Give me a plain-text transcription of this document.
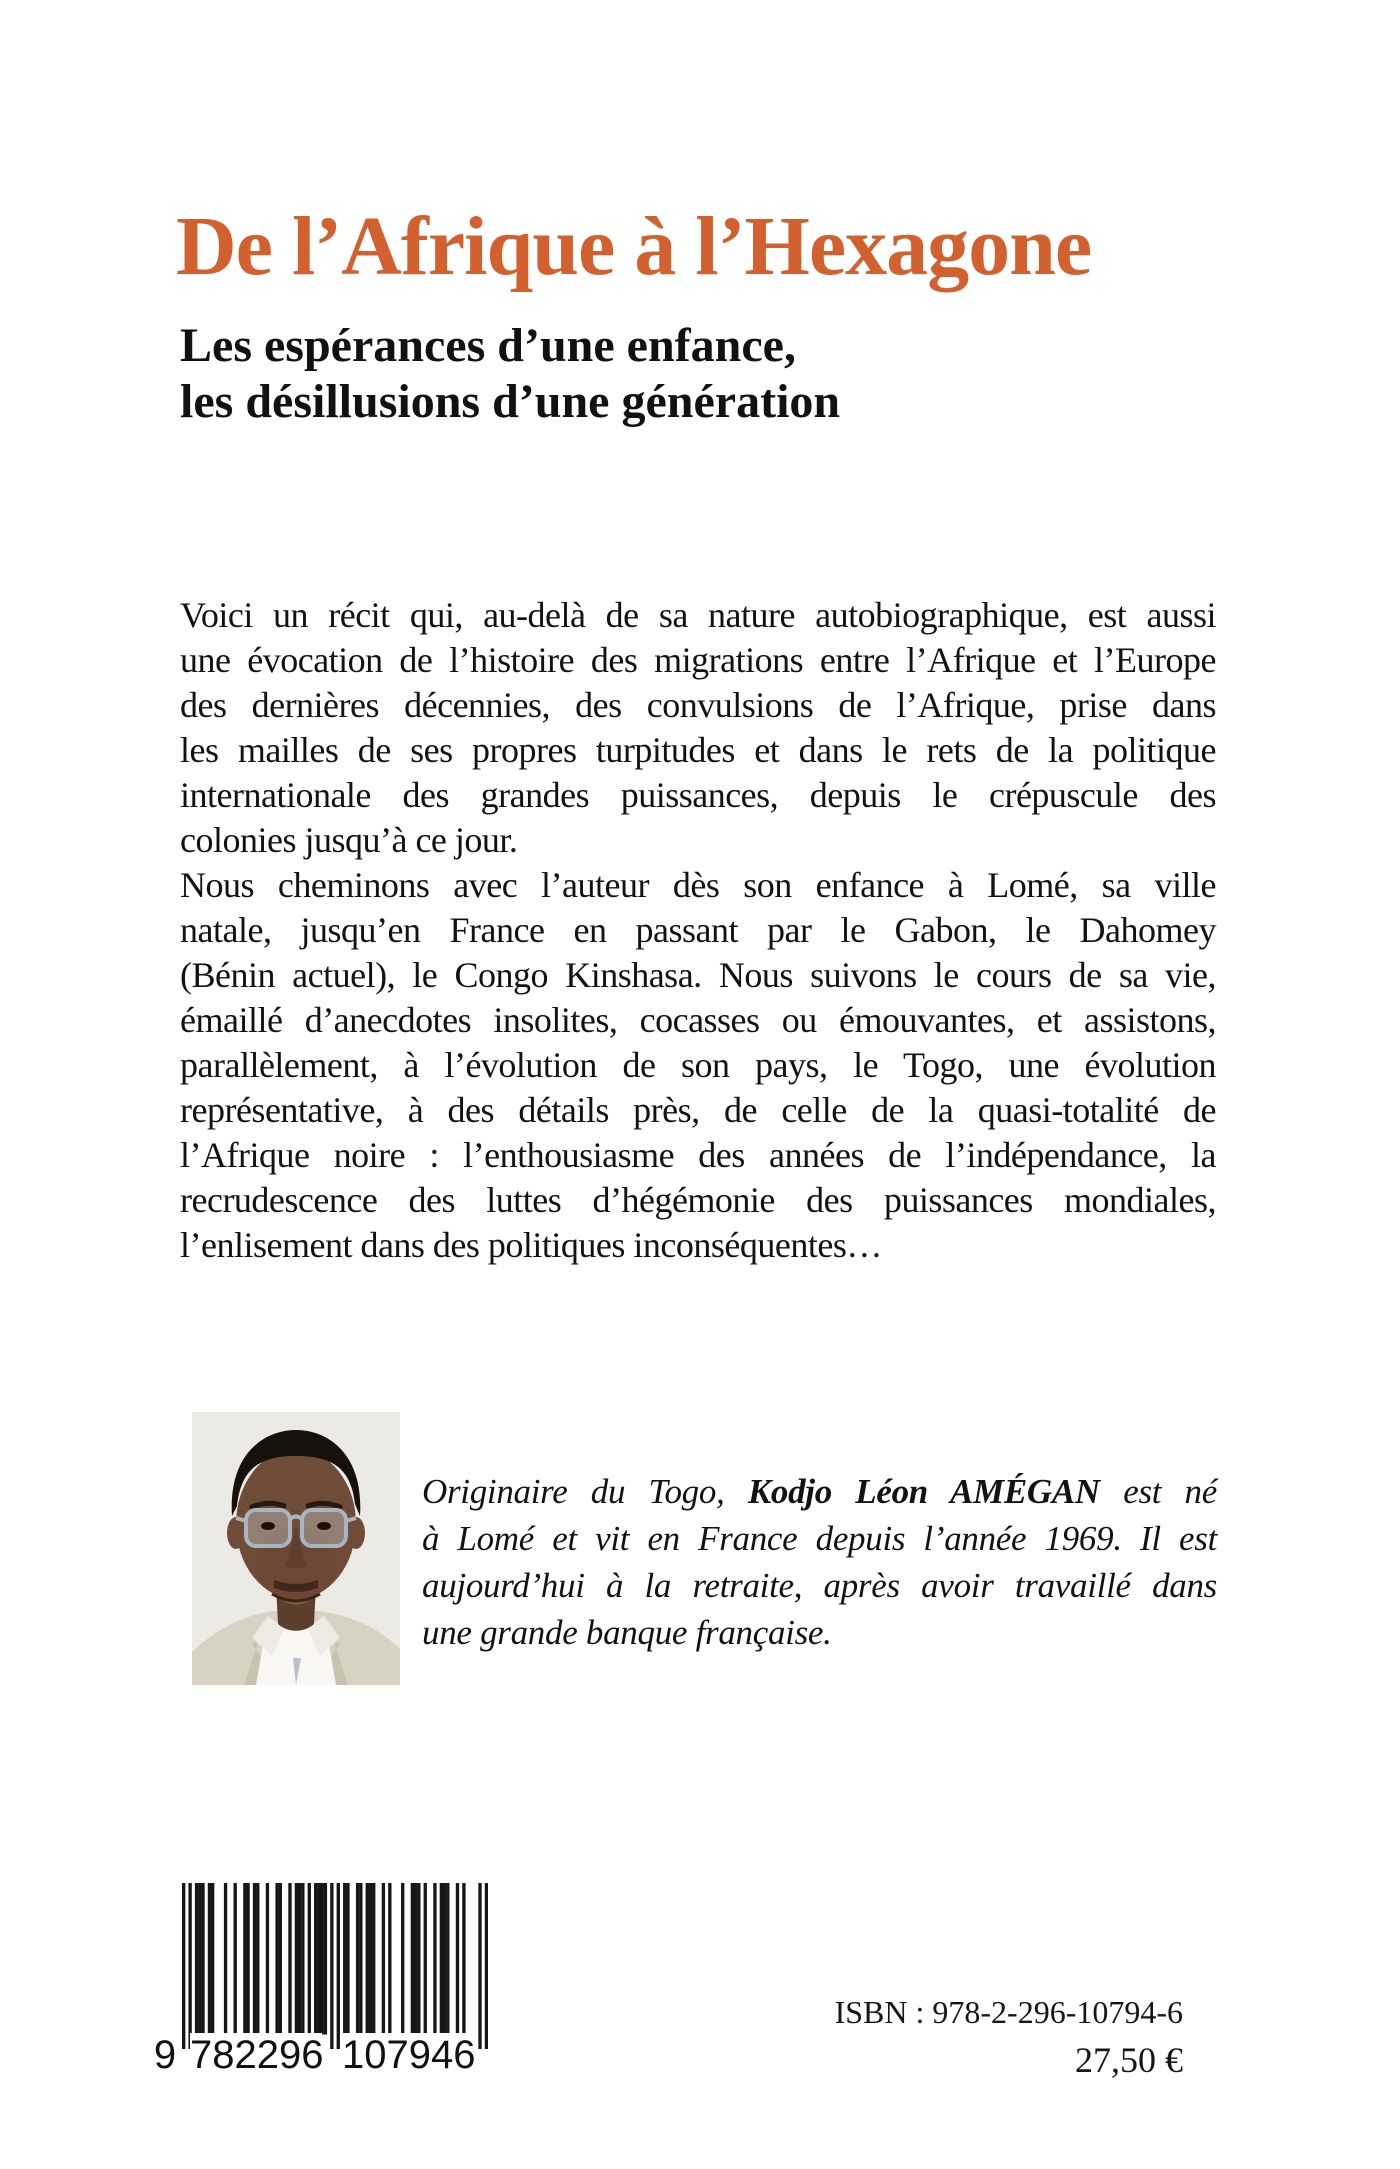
De l’Afrique à l’Hexagone
Les espérances d’une enfance,
les désillusions d’une génération
Voici un récit qui, au-delà de sa nature autobiographique, est aussi
une évocation de l’histoire des migrations entre l’Afrique et l’Europe
des dernières décennies, des convulsions de l’Afrique, prise dans
les mailles de ses propres turpitudes et dans le rets de la politique
internationale des grandes puissances, depuis le crépuscule des
colonies jusqu’à ce jour.
Nous cheminons avec l’auteur dès son enfance à Lomé, sa ville
natale, jusqu’en France en passant par le Gabon, le Dahomey
(Bénin actuel), le Congo Kinshasa. Nous suivons le cours de sa vie,
émaillé d’anecdotes insolites, cocasses ou émouvantes, et assistons,
parallèlement, à l’évolution de son pays, le Togo, une évolution
représentative, à des détails près, de celle de la quasi-totalité de
l’Afrique noire : l’enthousiasme des années de l’indépendance, la
recrudescence des luttes d’hégémonie des puissances mondiales,
l’enlisement dans des politiques inconséquentes…
Originaire du Togo, Kodjo Léon AMÉGAN est né
à Lomé et vit en France depuis l’année 1969. Il est
aujourd’hui à la retraite, après avoir travaillé dans
une grande banque française.
9 782296 107946
ISBN : 978-2-296-10794-6
27,50 €
